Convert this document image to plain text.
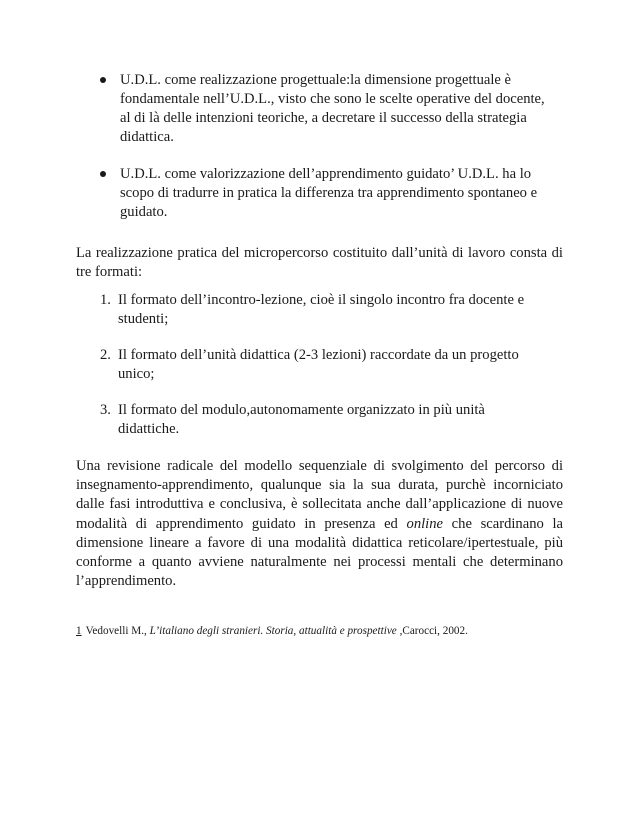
U.D.L. come realizzazione progettuale:la dimensione progettuale è
fondamentale nell’U.D.L., visto che sono le scelte operative del docente,
al di là delle intenzioni teoriche, a decretare il successo della strategia
didattica.
U.D.L. come valorizzazione dell’apprendimento guidato’ U.D.L. ha lo
scopo di tradurre in pratica la differenza tra apprendimento spontaneo e
guidato.

La realizzazione pratica del micropercorso costituito dall’unità di lavoro consta di tre formati:

1. Il formato dell’incontro-lezione, cioè il singolo incontro fra docente e
studenti;
2. Il formato dell’unità didattica (2-3 lezioni) raccordate da un progetto
unico;
3. Il formato del modulo,autonomamente organizzato in più unità
didattiche.

Una revisione radicale del modello sequenziale di svolgimento del percorso di insegnamento-apprendimento, qualunque sia la sua durata, purchè incorniciato dalle fasi introduttiva e conclusiva, è sollecitata anche dall’applicazione di nuove modalità di apprendimento guidato in presenza ed online che scardinano la dimensione lineare a favore di una modalità didattica reticolare/ipertestuale, più conforme a quanto avviene naturalmente nei processi mentali che determinano l’apprendimento.

1 Vedovelli M., L’italiano degli stranieri. Storia, attualità e prospettive ,Carocci, 2002.
